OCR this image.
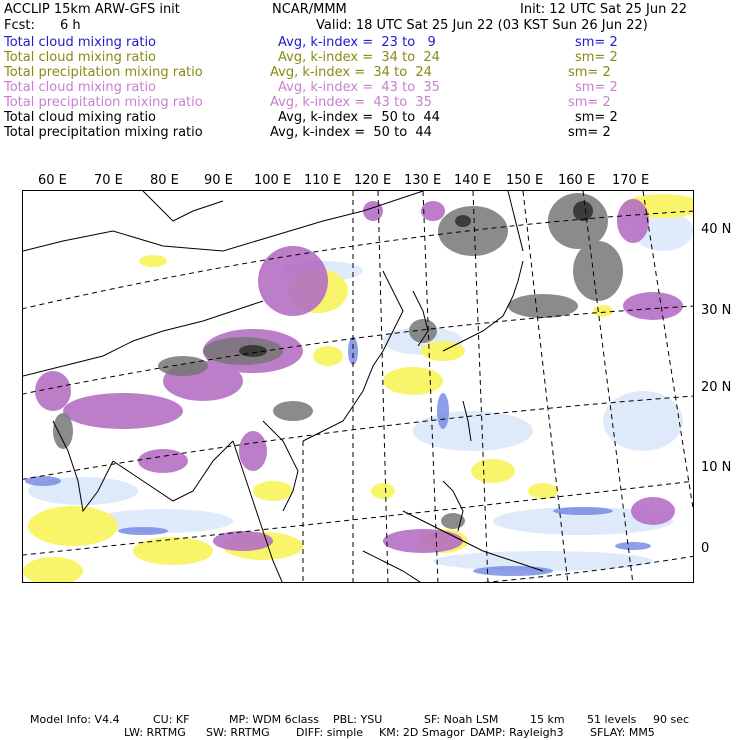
ACCLIP 15km ARW-GFS init	NCAR/MMM	Init: 12 UTC Sat 25 Jun 22
Fcst: 6 h	Valid: 18 UTC Sat 25 Jun 22 (03 KST Sun 26 Jun 22)
Total cloud mixing ratio	Avg, k-index =  23 to   9	sm= 2
Total cloud mixing ratio	Avg, k-index =  34 to  24	sm= 2
Total precipitation mixing ratio	Avg, k-index =  34 to  24	sm= 2
Total cloud mixing ratio	Avg, k-index =  43 to  35	sm= 2
Total precipitation mixing ratio	Avg, k-index =  43 to  35	sm= 2
Total cloud mixing ratio	Avg, k-index =  50 to  44	sm= 2
Total precipitation mixing ratio	Avg, k-index =  50 to  44	sm= 2
60 E 70 E 80 E 90 E 100 E 110 E 120 E 130 E 140 E 150 E 160 E 170 E
40 N
30 N
20 N
10 N
0
Model Info: V4.4	CU: KF	MP: WDM 6class PBL: YSU	SF: Noah LSM	15 km 51 levels 90 sec
LW: RRTMG SW: RRTMG DIFF: simple KM: 2D Smagor DAMP: Rayleigh3 SFLAY: MM5
